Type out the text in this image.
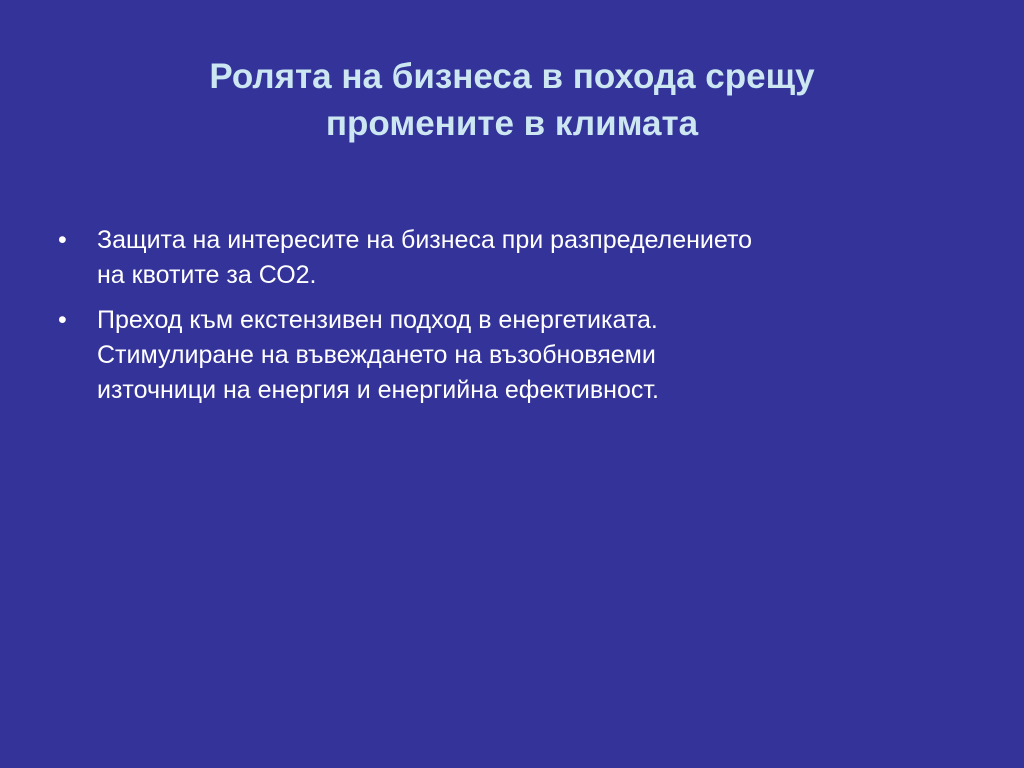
Ролята на бизнеса в похода срещу
промените в климата
• Защита на интересите на бизнеса при разпределението
на квотите за СО2.
• Преход към екстензивен подход в енергетиката.
Стимулиране на въвеждането на възобновяеми
източници на енергия и енергийна ефективност.
